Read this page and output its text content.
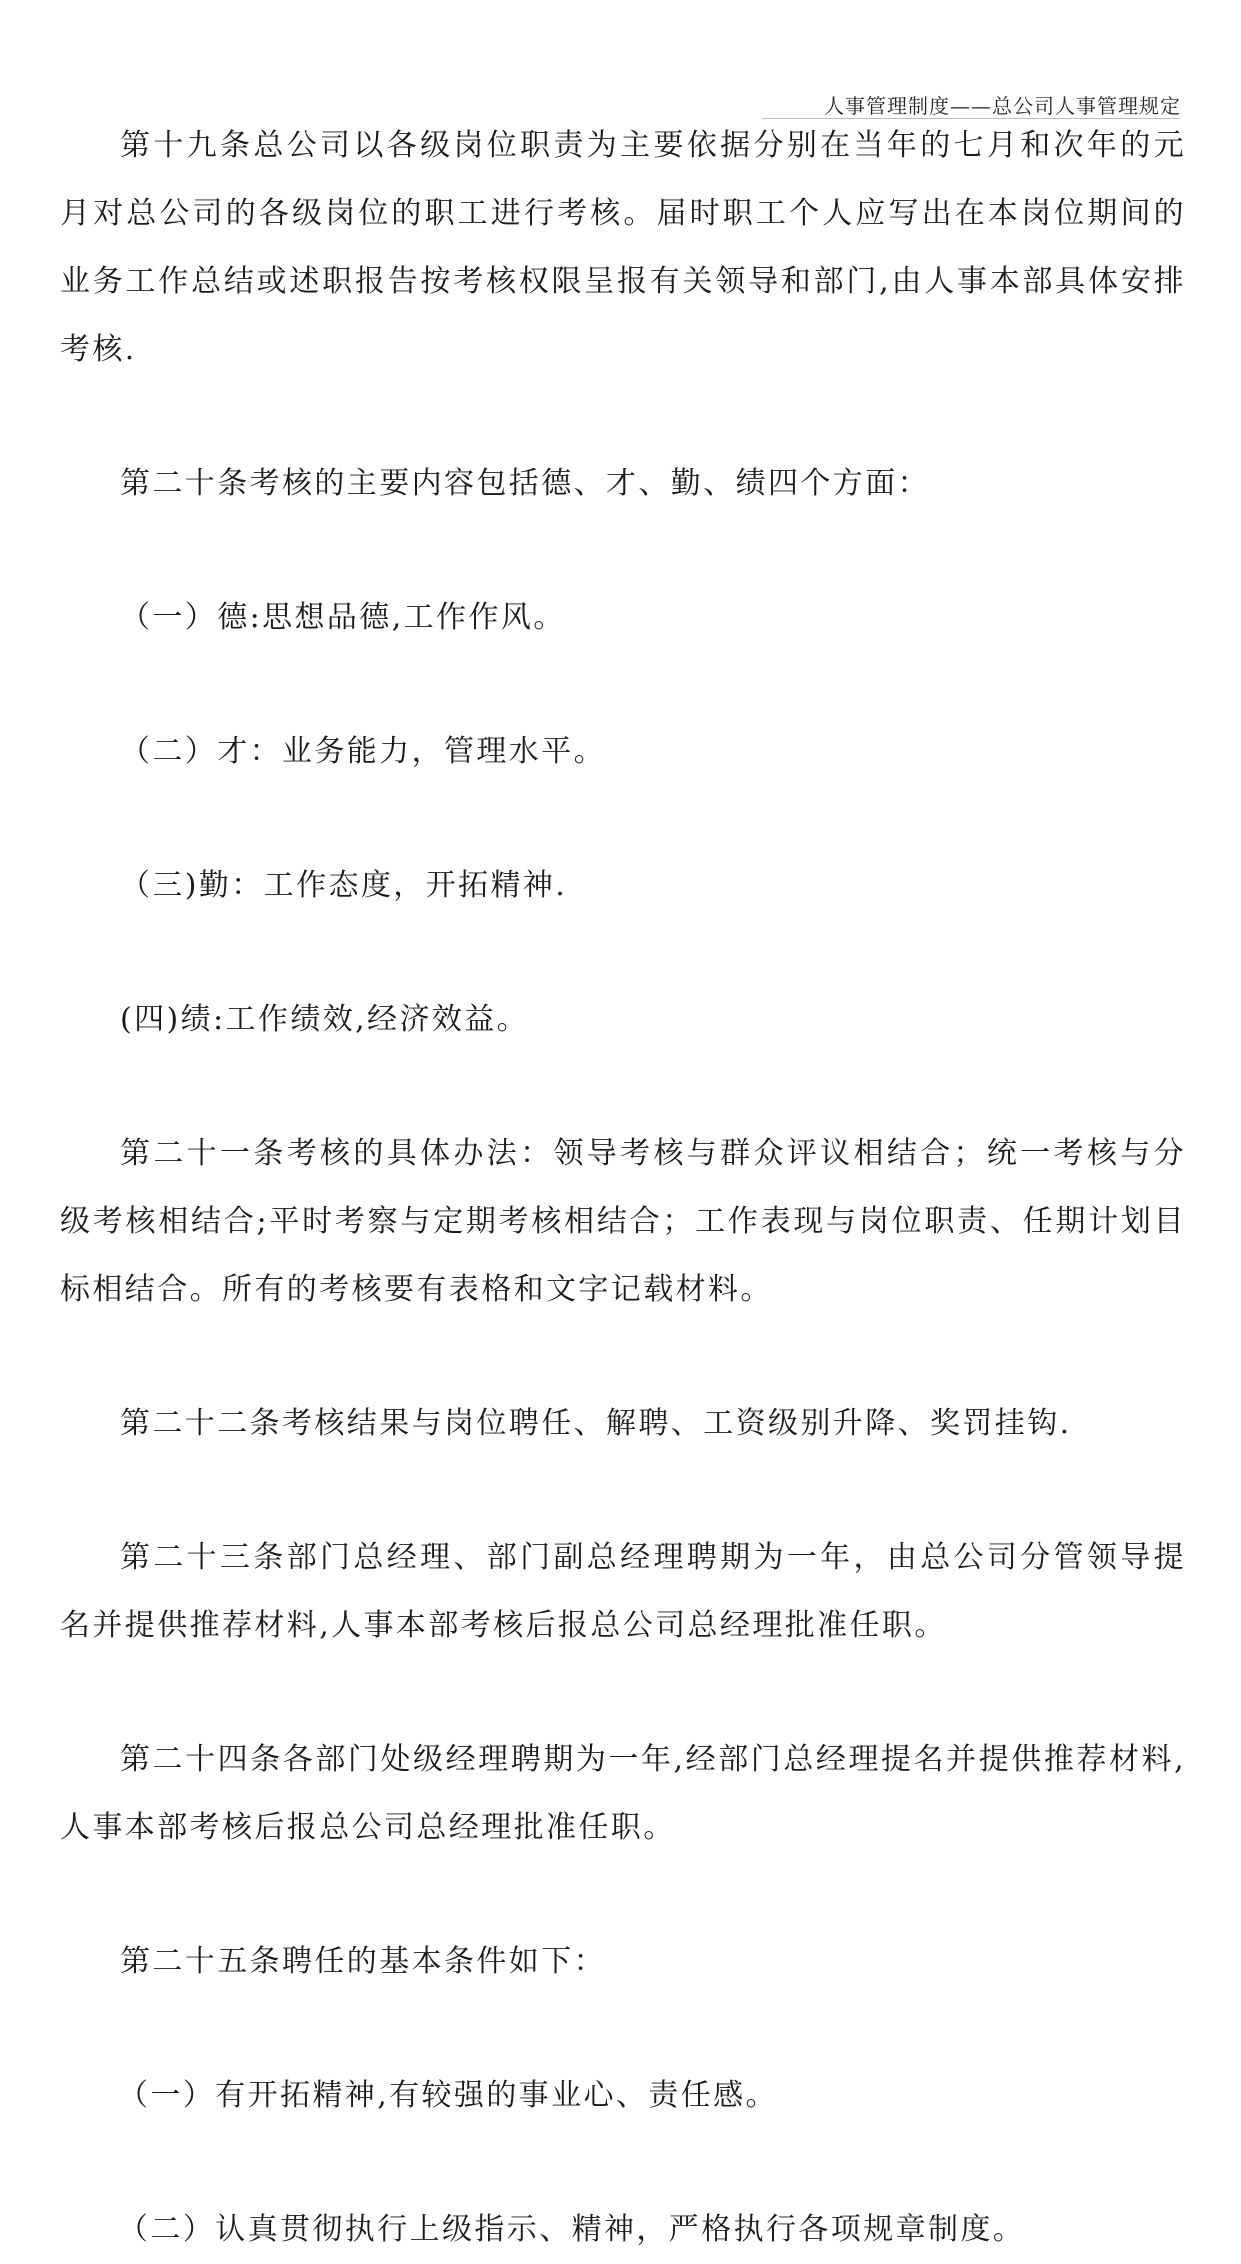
人事管理制度——总公司人事管理规定

第十九条总公司以各级岗位职责为主要依据分别在当年的七月和次年的元月对总公司的各级岗位的职工进行考核。届时职工个人应写出在本岗位期间的业务工作总结或述职报告按考核权限呈报有关领导和部门,由人事本部具体安排考核.

第二十条考核的主要内容包括德、才、勤、绩四个方面：

（一）德:思想品德,工作作风。

（二）才：业务能力，管理水平。

（三)勤：工作态度，开拓精神.

(四)绩:工作绩效,经济效益。

第二十一条考核的具体办法：领导考核与群众评议相结合；统一考核与分级考核相结合;平时考察与定期考核相结合；工作表现与岗位职责、任期计划目标相结合。所有的考核要有表格和文字记载材料。

第二十二条考核结果与岗位聘任、解聘、工资级别升降、奖罚挂钩.

第二十三条部门总经理、部门副总经理聘期为一年，由总公司分管领导提名并提供推荐材料,人事本部考核后报总公司总经理批准任职。

第二十四条各部门处级经理聘期为一年,经部门总经理提名并提供推荐材料,人事本部考核后报总公司总经理批准任职。

第二十五条聘任的基本条件如下：

（一）有开拓精神,有较强的事业心、责任感。

（二）认真贯彻执行上级指示、精神，严格执行各项规章制度。
